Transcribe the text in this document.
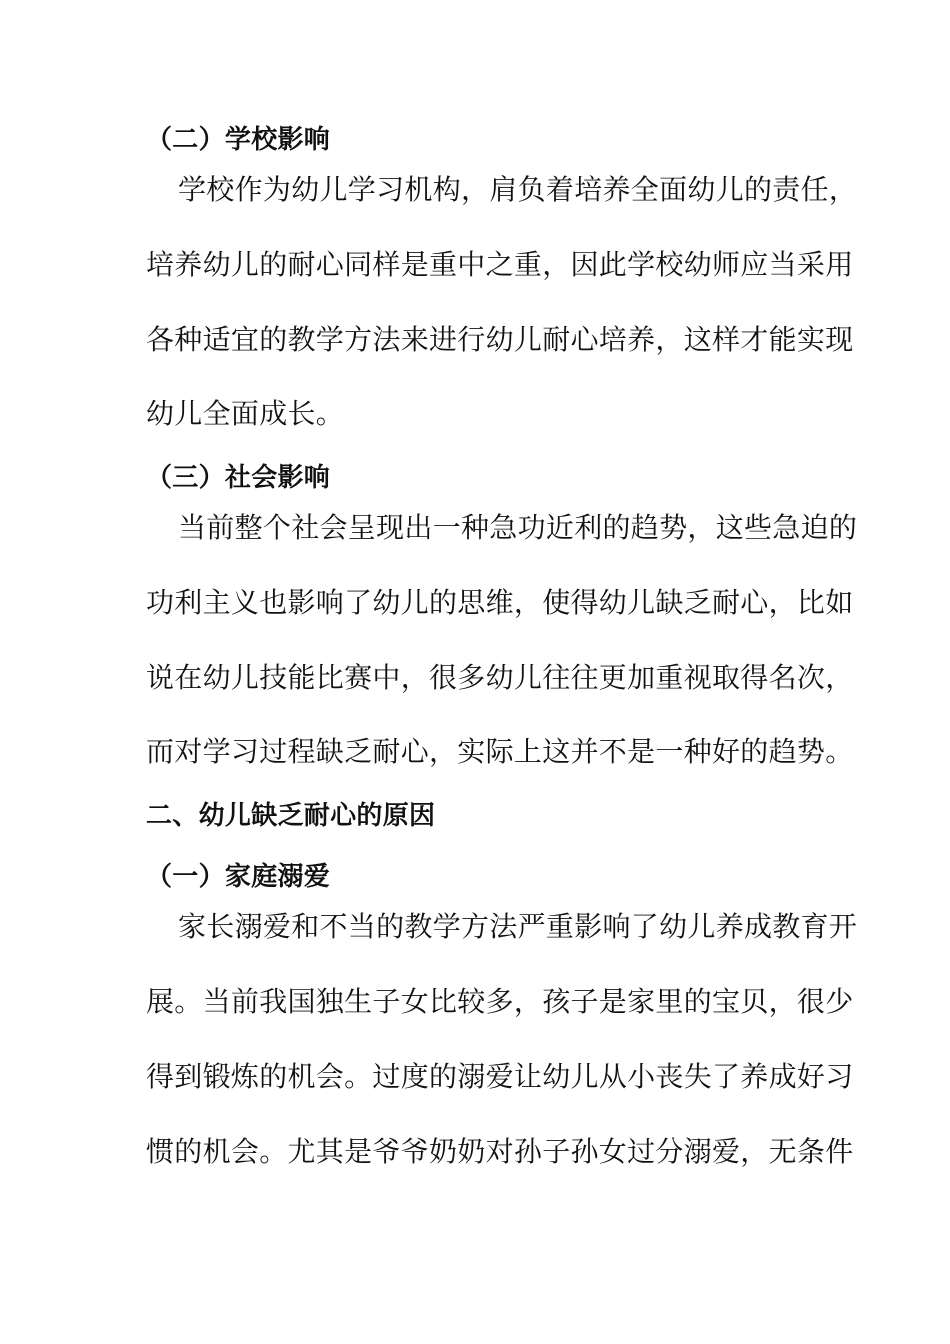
（二）学校影响
学校作为幼儿学习机构，肩负着培养全面幼儿的责任，
培养幼儿的耐心同样是重中之重，因此学校幼师应当采用
各种适宜的教学方法来进行幼儿耐心培养，这样才能实现
幼儿全面成长。
（三）社会影响
当前整个社会呈现出一种急功近利的趋势，这些急迫的
功利主义也影响了幼儿的思维，使得幼儿缺乏耐心，比如
说在幼儿技能比赛中，很多幼儿往往更加重视取得名次，
而对学习过程缺乏耐心，实际上这并不是一种好的趋势。
二、幼儿缺乏耐心的原因
（一）家庭溺爱
家长溺爱和不当的教学方法严重影响了幼儿养成教育开
展。当前我国独生子女比较多，孩子是家里的宝贝，很少
得到锻炼的机会。过度的溺爱让幼儿从小丧失了养成好习
惯的机会。尤其是爷爷奶奶对孙子孙女过分溺爱，无条件
